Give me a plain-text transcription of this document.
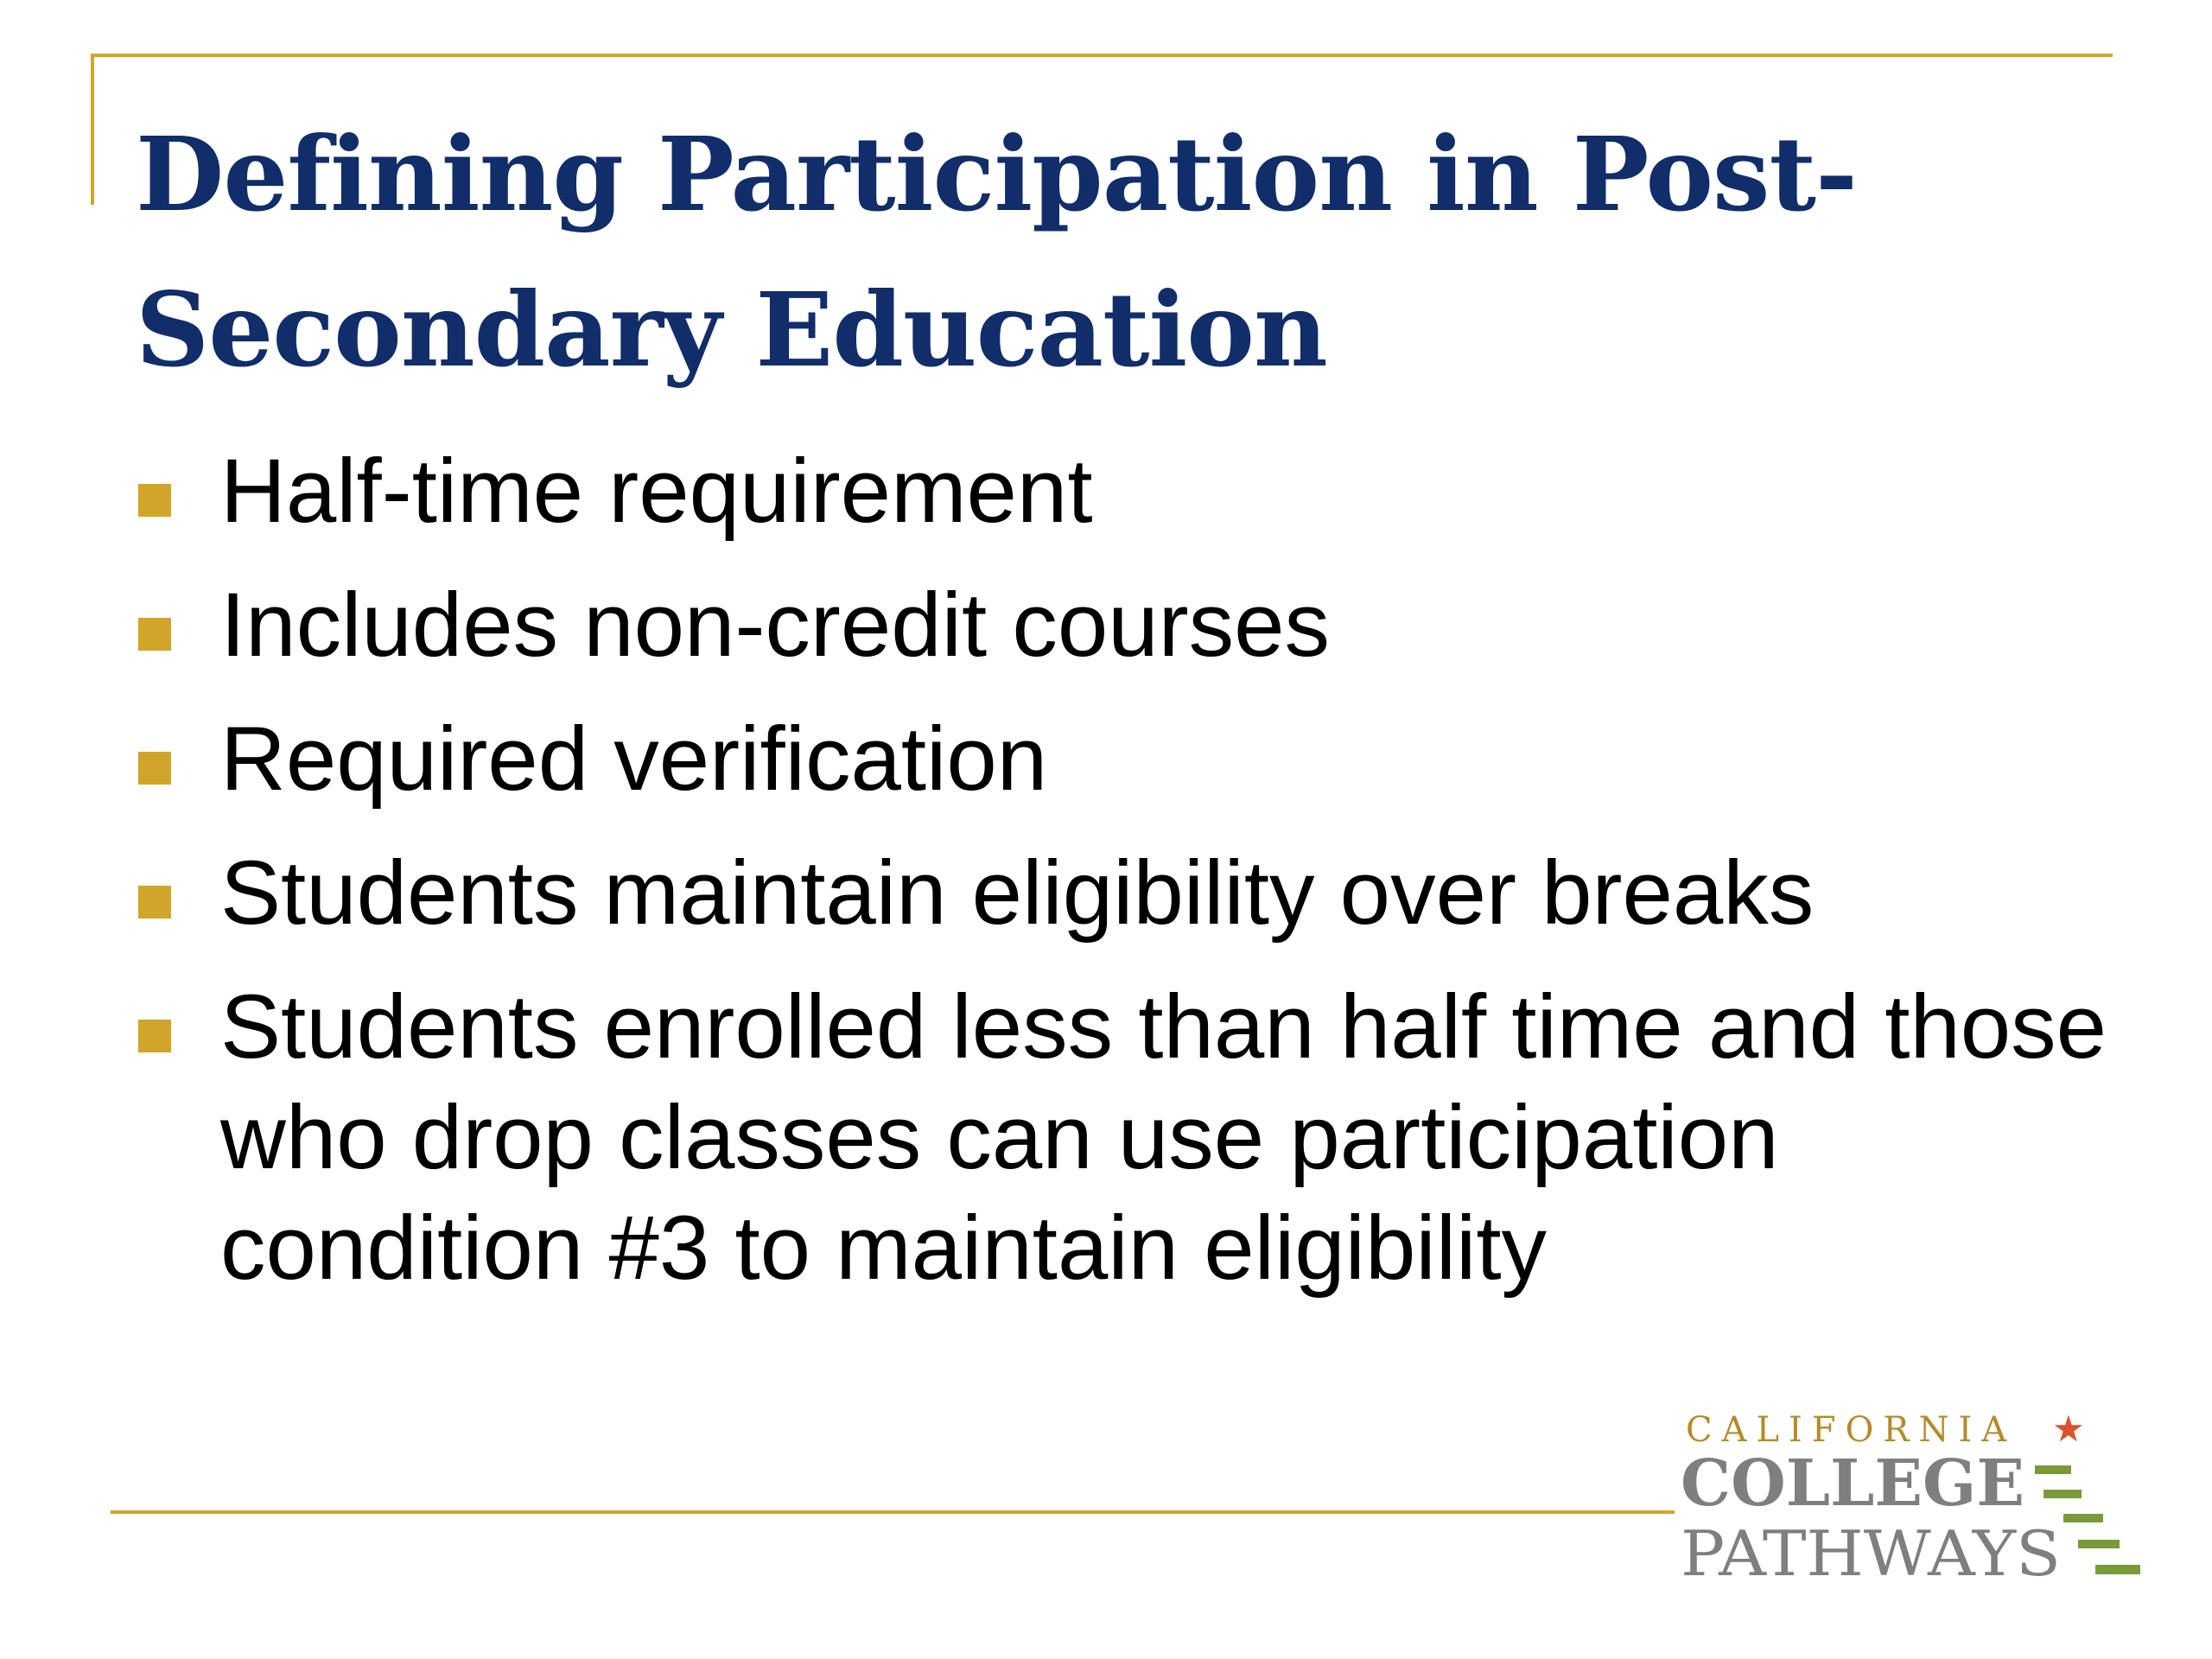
Defining Participation in Post-
Secondary Education
Half-time requirement
Includes non-credit courses
Required verification
Students maintain eligibility over breaks
Students enrolled less than half time and those who drop classes can use participation condition #3 to maintain eligibility
CALIFORNIA ★
COLLEGE
PATHWAYS
